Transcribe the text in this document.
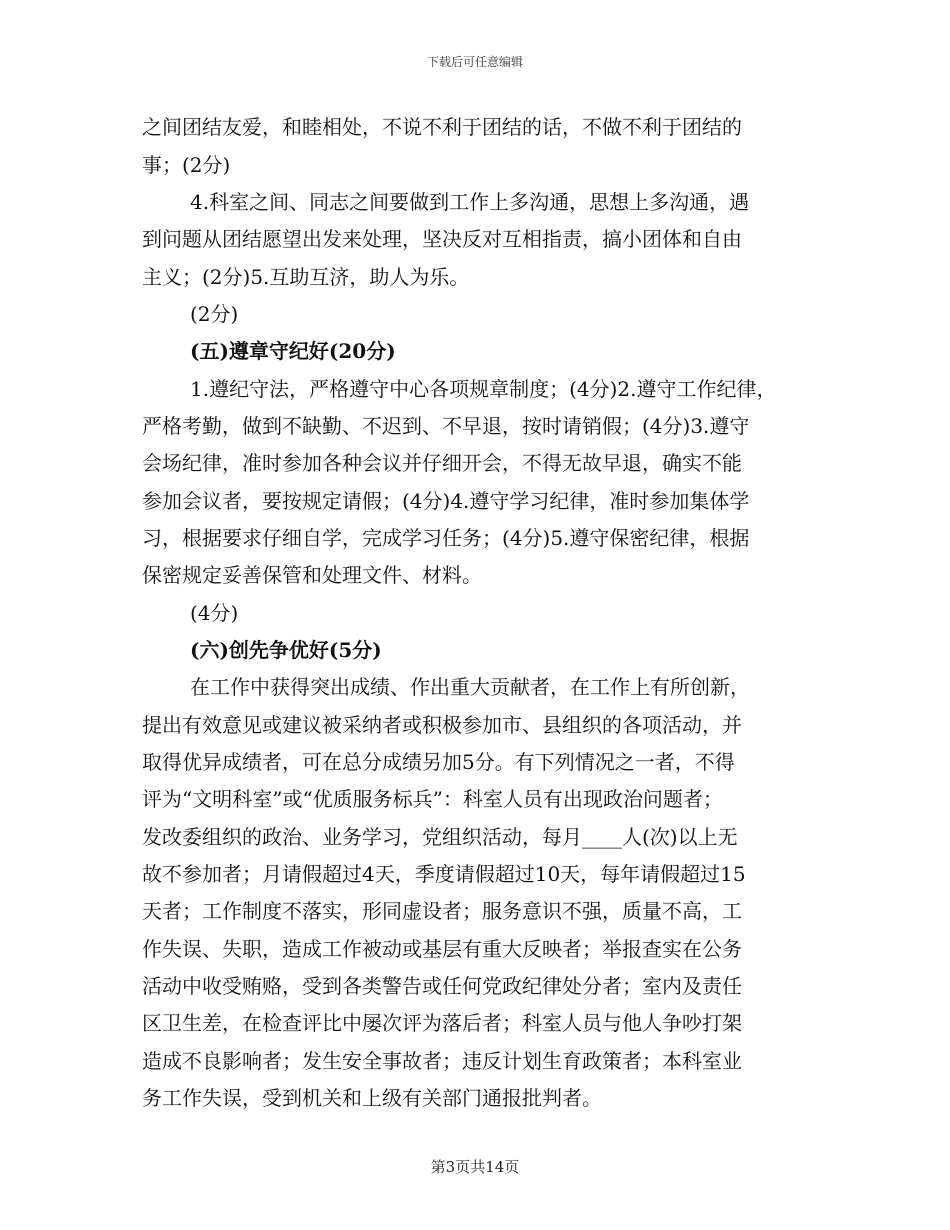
下载后可任意编辑
之间团结友爱，和睦相处，不说不利于团结的话，不做不利于团结的
事；(2分)
4.科室之间、同志之间要做到工作上多沟通，思想上多沟通，遇
到问题从团结愿望出发来处理，坚决反对互相指责，搞小团体和自由
主义；(2分)5.互助互济，助人为乐。
(2分)
(五)遵章守纪好(20分)
1.遵纪守法，严格遵守中心各项规章制度；(4分)2.遵守工作纪律，
严格考勤，做到不缺勤、不迟到、不早退，按时请销假；(4分)3.遵守
会场纪律，准时参加各种会议并仔细开会，不得无故早退，确实不能
参加会议者，要按规定请假；(4分)4.遵守学习纪律，准时参加集体学
习，根据要求仔细自学，完成学习任务；(4分)5.遵守保密纪律，根据
保密规定妥善保管和处理文件、材料。
(4分)
(六)创先争优好(5分)
在工作中获得突出成绩、作出重大贡献者，在工作上有所创新，
提出有效意见或建议被采纳者或积极参加市、县组织的各项活动，并
取得优异成绩者，可在总分成绩另加5分。有下列情况之一者，不得
评为“文明科室”或“优质服务标兵”：科室人员有出现政治问题者；
发改委组织的政治、业务学习，党组织活动，每月____人(次)以上无
故不参加者；月请假超过4天，季度请假超过10天，每年请假超过15
天者；工作制度不落实，形同虚设者；服务意识不强，质量不高，工
作失误、失职，造成工作被动或基层有重大反映者；举报查实在公务
活动中收受贿赂，受到各类警告或任何党政纪律处分者；室内及责任
区卫生差，在检查评比中屡次评为落后者；科室人员与他人争吵打架
造成不良影响者；发生安全事故者；违反计划生育政策者；本科室业
务工作失误，受到机关和上级有关部门通报批判者。
第3页共14页
